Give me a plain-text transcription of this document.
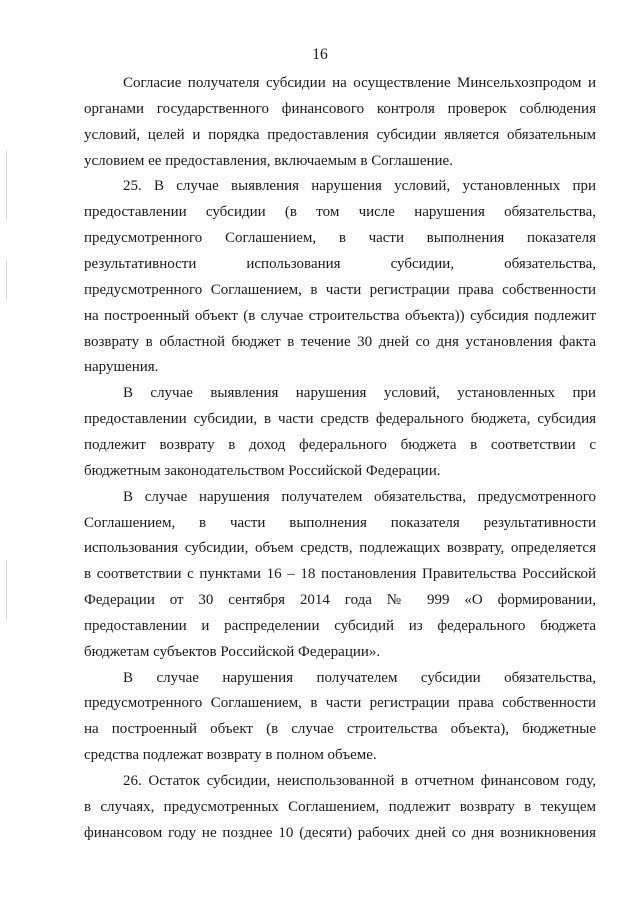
16
Согласие получателя субсидии на осуществление Минсельхозпродом и
органами государственного финансового контроля проверок соблюдения
условий, целей и порядка предоставления субсидии является обязательным
условием ее предоставления, включаемым в Соглашение.
25. В случае выявления нарушения условий, установленных при
предоставлении субсидии (в том числе нарушения обязательства,
предусмотренного Соглашением, в части выполнения показателя
результативности использования субсидии, обязательства,
предусмотренного Соглашением, в части регистрации права собственности
на построенный объект (в случае строительства объекта)) субсидия подлежит
возврату в областной бюджет в течение 30 дней со дня установления факта
нарушения.
В случае выявления нарушения условий, установленных при
предоставлении субсидии, в части средств федерального бюджета, субсидия
подлежит возврату в доход федерального бюджета в соответствии с
бюджетным законодательством Российской Федерации.
В случае нарушения получателем обязательства, предусмотренного
Соглашением, в части выполнения показателя результативности
использования субсидии, объем средств, подлежащих возврату, определяется
в соответствии с пунктами 16 – 18 постановления Правительства Российской
Федерации от 30 сентября 2014 года № 999 «О формировании,
предоставлении и распределении субсидий из федерального бюджета
бюджетам субъектов Российской Федерации».
В случае нарушения получателем субсидии обязательства,
предусмотренного Соглашением, в части регистрации права собственности
на построенный объект (в случае строительства объекта), бюджетные
средства подлежат возврату в полном объеме.
26. Остаток субсидии, неиспользованной в отчетном финансовом году,
в случаях, предусмотренных Соглашением, подлежит возврату в текущем
финансовом году не позднее 10 (десяти) рабочих дней со дня возникновения
